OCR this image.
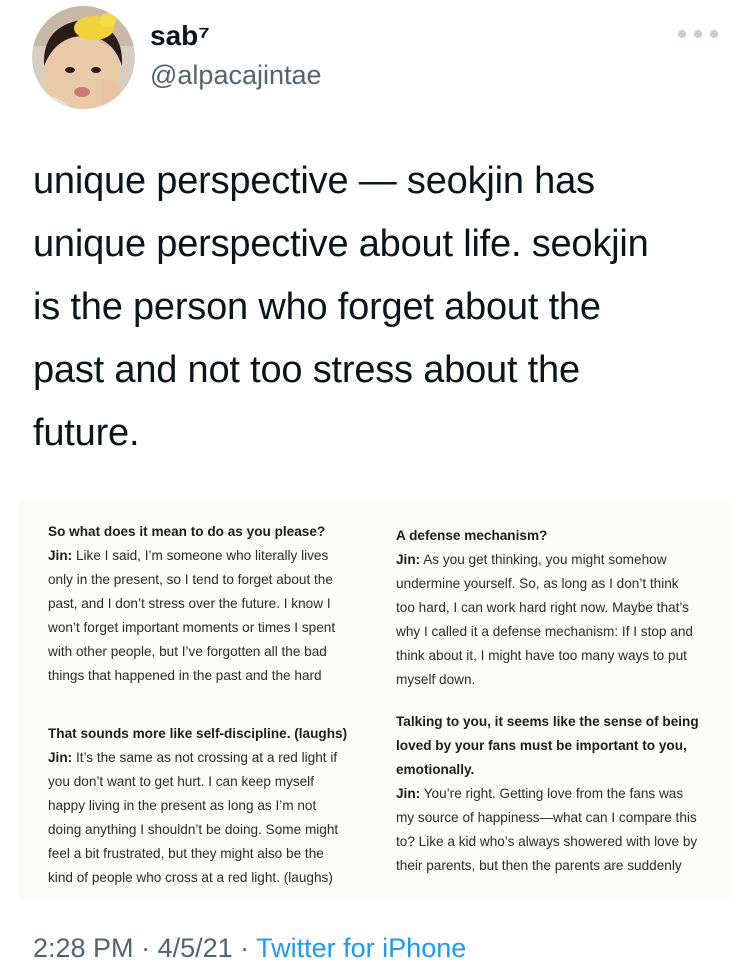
sab⁷
@alpacajintae
unique perspective — seokjin has
unique perspective about life. seokjin
is the person who forget about the
past and not too stress about the
future.

So what does it mean to do as you please?

Jin: Like I said, I’m someone who literally lives

only in the present, so I tend to forget about the

past, and I don’t stress over the future. I know I

won’t forget important moments or times I spent

with other people, but I’ve forgotten all the bad

things that happened in the past and the hard

That sounds more like self-discipline. (laughs)

Jin: It’s the same as not crossing at a red light if

you don’t want to get hurt. I can keep myself

happy living in the present as long as I’m not

doing anything I shouldn’t be doing. Some might

feel a bit frustrated, but they might also be the

kind of people who cross at a red light. (laughs)

A defense mechanism?

Jin: As you get thinking, you might somehow

undermine yourself. So, as long as I don’t think

too hard, I can work hard right now. Maybe that’s

why I called it a defense mechanism: If I stop and

think about it, I might have too many ways to put

myself down.

Talking to you, it seems like the sense of being

loved by your fans must be important to you,

emotionally.

Jin: You’re right. Getting love from the fans was

my source of happiness—what can I compare this

to? Like a kid who’s always showered with love by

their parents, but then the parents are suddenly

2:28 PM · 4/5/21 · Twitter for iPhone
